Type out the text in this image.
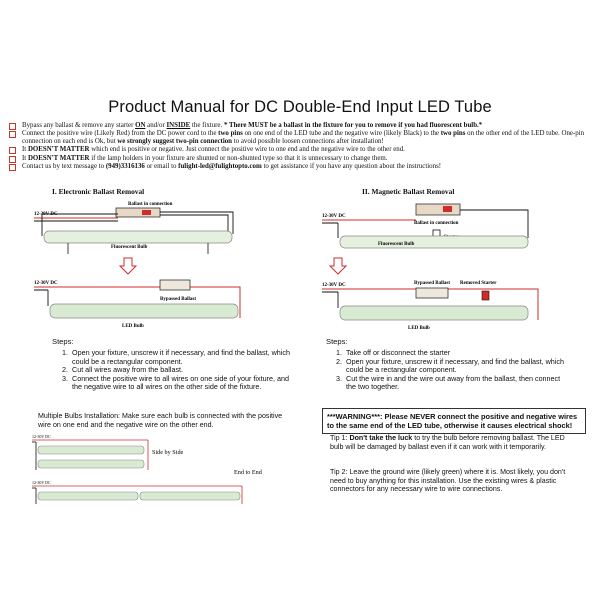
Product Manual for DC Double-End Input LED Tube
Bypass any ballast & remove any starter ON and/or INSIDE the fixture. * There MUST be a ballast in the fixture for you to remove if you had fluorescent bulb.*
Connect the positive wire (Likely Red) from the DC power cord to the two pins on one end of the LED tube and the negative wire (likely Black) to the two pins on the other end of the LED tube. One-pin connection on each end is Ok, but we strongly suggest two-pin connection to avoid possible loosen connections after installation!
It DOESN'T MATTER which end is positive or negative. Just connect the positive wire to one end and the negative wire to the other end.
It DOESN'T MATTER if the lamp holders in your fixture are shunted or non-shunted type so that it is unnecessary to change them.
Contact us by text message to (949)3316136 or email to fulight-led@fulightopto.com to get assistance if you have any question about the instructions!
I. Electronic Ballast Removal	II. Magnetic Ballast Removal
Ballast in connection
12-30V DC
Fluorescent Bulb
12-30V DC
Bypassed Ballast
LED Bulb
Ballast in connection
12-30V DC
Fluorescent Bulb
12-30V DC	Bypassed Ballast Removed Starter
LED Bulb
Steps:
1. Open your fixture, unscrew it if necessary, and find the ballast, which could be a rectangular component.
2. Cut all wires away from the ballast.
3. Connect the positive wire to all wires on one side of your fixture, and the negative wire to all wires on the other side of the fixture.
Steps:
1. Take off or disconnect the starter
2. Open your fixture, unscrew it if necessary, and find the ballast, which could be a rectangular component.
3. Cut the wire in and the wire out away from the ballast, then connect the two together.
Multiple Bulbs Installation: Make sure each bulb is connected with the positive wire on one end and the negative wire on the other end.
12-30V DC
Side by Side
End to End
12-30V DC
***WARNING***: Please NEVER connect the positive and negative wires to the same end of the LED tube, otherwise it causes electrical shock!
Tip 1: Don't take the luck to try the bulb before removing ballast. The LED bulb will be damaged by ballast even if it can work with it temporarily.
Tip 2: Leave the ground wire (likely green) where it is. Most likely, you don't need to buy anything for this installation. Use the existing wires & plastic connectors for any necessary wire to wire connections.
